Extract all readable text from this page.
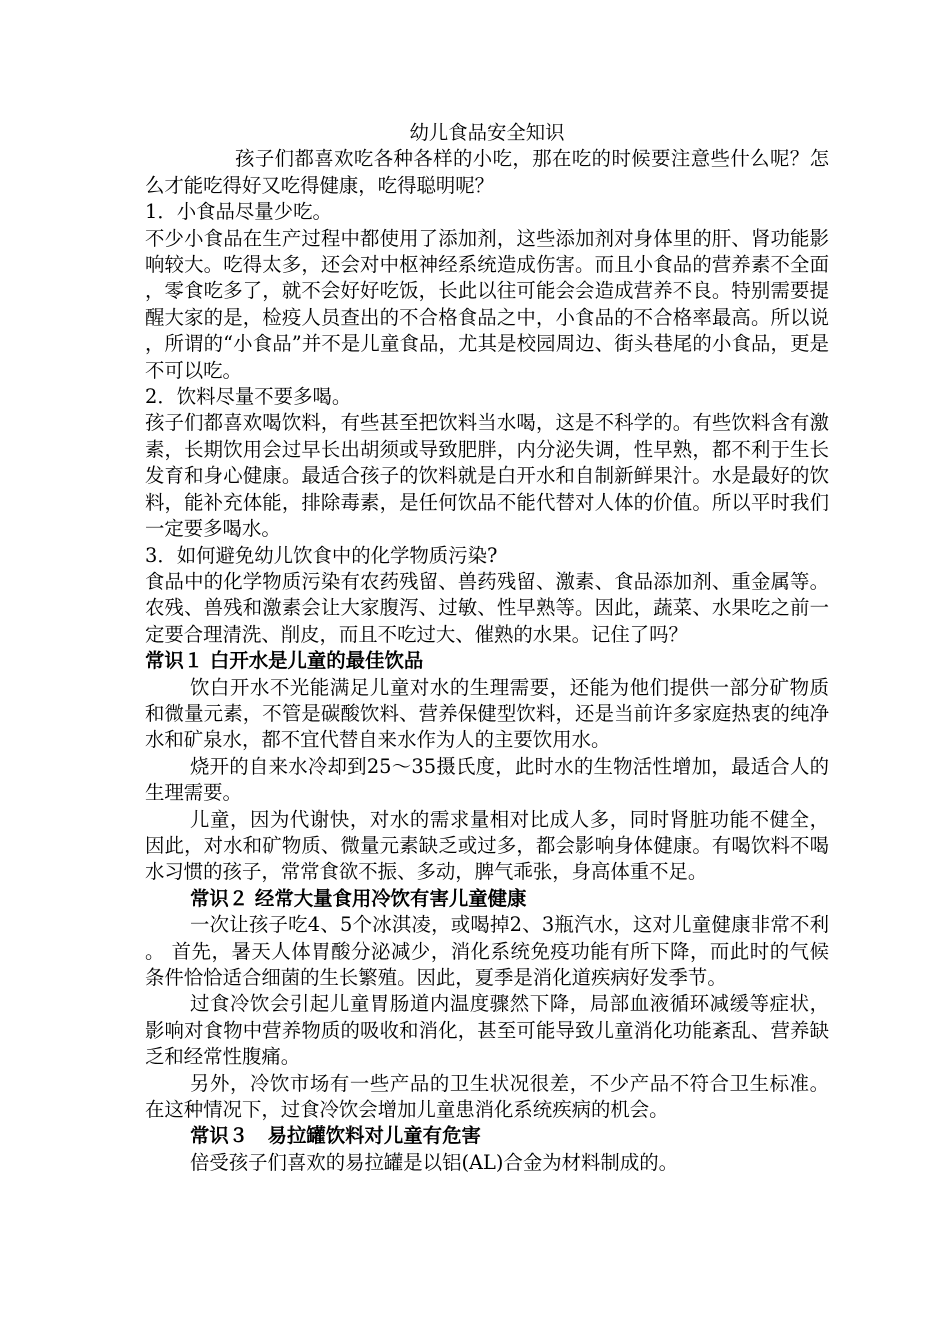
幼儿食品安全知识

孩子们都喜欢吃各种各样的小吃，那在吃的时候要注意些什么呢？怎么才能吃得好又吃得健康，吃得聪明呢？

1．小食品尽量少吃。

不少小食品在生产过程中都使用了添加剂，这些添加剂对身体里的肝、肾功能影响较大。吃得太多，还会对中枢神经系统造成伤害。而且小食品的营养素不全面，零食吃多了，就不会好好吃饭，长此以往可能会会造成营养不良。特别需要提醒大家的是，检疫人员查出的不合格食品之中，小食品的不合格率最高。所以说，所谓的“小食品”并不是儿童食品，尤其是校园周边、街头巷尾的小食品，更是不可以吃。

2．饮料尽量不要多喝。

孩子们都喜欢喝饮料，有些甚至把饮料当水喝，这是不科学的。有些饮料含有激素，长期饮用会过早长出胡须或导致肥胖，内分泌失调，性早熟，都不利于生长发育和身心健康。最适合孩子的饮料就是白开水和自制新鲜果汁。水是最好的饮料，能补充体能，排除毒素，是任何饮品不能代替对人体的价值。所以平时我们一定要多喝水。

3．如何避免幼儿饮食中的化学物质污染?

食品中的化学物质污染有农药残留、兽药残留、激素、食品添加剂、重金属等。农残、兽残和激素会让大家腹泻、过敏、性早熟等。因此，蔬菜、水果吃之前一定要合理清洗、削皮，而且不吃过大、催熟的水果。记住了吗？

常识１ 白开水是儿童的最佳饮品

饮白开水不光能满足儿童对水的生理需要，还能为他们提供一部分矿物质和微量元素，不管是碳酸饮料、营养保健型饮料，还是当前许多家庭热衷的纯净水和矿泉水，都不宜代替自来水作为人的主要饮用水。

烧开的自来水冷却到25～35摄氏度，此时水的生物活性增加，最适合人的生理需要。

儿童，因为代谢快，对水的需求量相对比成人多，同时肾脏功能不健全，因此，对水和矿物质、微量元素缺乏或过多，都会影响身体健康。有喝饮料不喝水习惯的孩子，常常食欲不振、多动，脾气乖张，身高体重不足。

常识２ 经常大量食用冷饮有害儿童健康

一次让孩子吃4、5个冰淇凌，或喝掉2、3瓶汽水，这对儿童健康非常不利。 首先，暑天人体胃酸分泌减少，消化系统免疫功能有所下降，而此时的气候条件恰恰适合细菌的生长繁殖。因此，夏季是消化道疾病好发季节。

过食冷饮会引起儿童胃肠道内温度骤然下降，局部血液循环减缓等症状，影响对食物中营养物质的吸收和消化，甚至可能导致儿童消化功能紊乱、营养缺乏和经常性腹痛。

另外，冷饮市场有一些产品的卫生状况很差，不少产品不符合卫生标准。在这种情况下，过食冷饮会增加儿童患消化系统疾病的机会。

常识３　易拉罐饮料对儿童有危害

倍受孩子们喜欢的易拉罐是以铝(AL)合金为材料制成的。
